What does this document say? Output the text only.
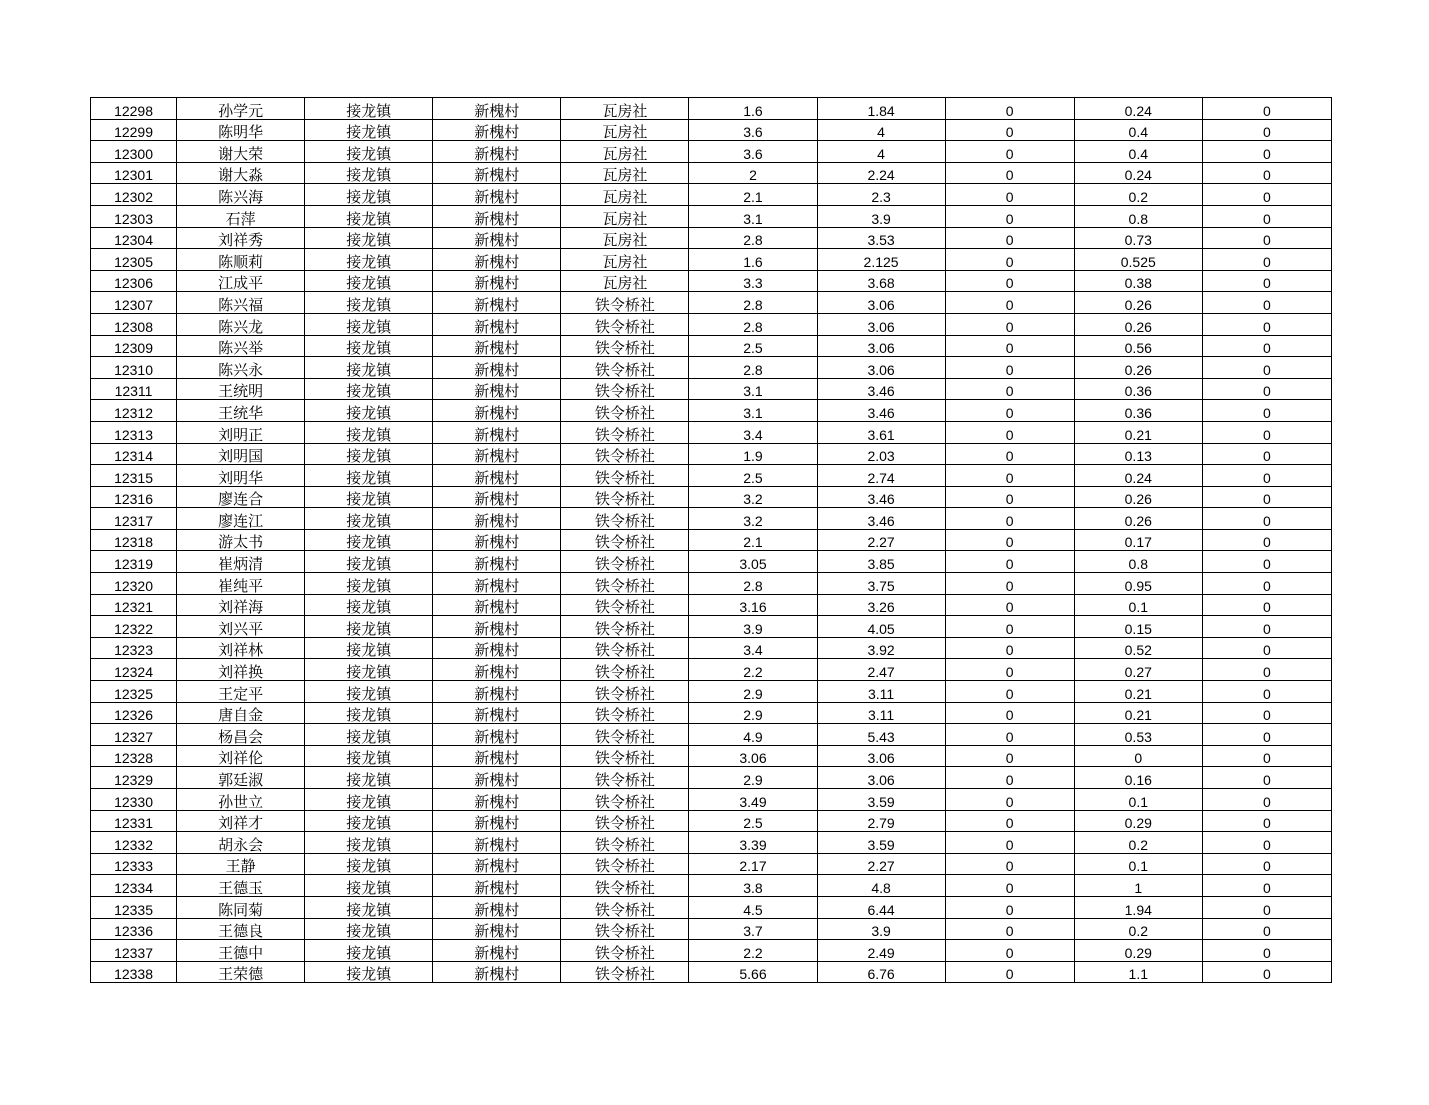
12298	孙学元	接龙镇	新槐村	瓦房社	1.6	1.84	0	0.24	0
12299	陈明华	接龙镇	新槐村	瓦房社	3.6	4	0	0.4	0
12300	谢大荣	接龙镇	新槐村	瓦房社	3.6	4	0	0.4	0
12301	谢大淼	接龙镇	新槐村	瓦房社	2	2.24	0	0.24	0
12302	陈兴海	接龙镇	新槐村	瓦房社	2.1	2.3	0	0.2	0
12303	石萍	接龙镇	新槐村	瓦房社	3.1	3.9	0	0.8	0
12304	刘祥秀	接龙镇	新槐村	瓦房社	2.8	3.53	0	0.73	0
12305	陈顺莉	接龙镇	新槐村	瓦房社	1.6	2.125	0	0.525	0
12306	江成平	接龙镇	新槐村	瓦房社	3.3	3.68	0	0.38	0
12307	陈兴福	接龙镇	新槐村	铁令桥社	2.8	3.06	0	0.26	0
12308	陈兴龙	接龙镇	新槐村	铁令桥社	2.8	3.06	0	0.26	0
12309	陈兴举	接龙镇	新槐村	铁令桥社	2.5	3.06	0	0.56	0
12310	陈兴永	接龙镇	新槐村	铁令桥社	2.8	3.06	0	0.26	0
12311	王统明	接龙镇	新槐村	铁令桥社	3.1	3.46	0	0.36	0
12312	王统华	接龙镇	新槐村	铁令桥社	3.1	3.46	0	0.36	0
12313	刘明正	接龙镇	新槐村	铁令桥社	3.4	3.61	0	0.21	0
12314	刘明国	接龙镇	新槐村	铁令桥社	1.9	2.03	0	0.13	0
12315	刘明华	接龙镇	新槐村	铁令桥社	2.5	2.74	0	0.24	0
12316	廖连合	接龙镇	新槐村	铁令桥社	3.2	3.46	0	0.26	0
12317	廖连江	接龙镇	新槐村	铁令桥社	3.2	3.46	0	0.26	0
12318	游太书	接龙镇	新槐村	铁令桥社	2.1	2.27	0	0.17	0
12319	崔炳清	接龙镇	新槐村	铁令桥社	3.05	3.85	0	0.8	0
12320	崔纯平	接龙镇	新槐村	铁令桥社	2.8	3.75	0	0.95	0
12321	刘祥海	接龙镇	新槐村	铁令桥社	3.16	3.26	0	0.1	0
12322	刘兴平	接龙镇	新槐村	铁令桥社	3.9	4.05	0	0.15	0
12323	刘祥林	接龙镇	新槐村	铁令桥社	3.4	3.92	0	0.52	0
12324	刘祥换	接龙镇	新槐村	铁令桥社	2.2	2.47	0	0.27	0
12325	王定平	接龙镇	新槐村	铁令桥社	2.9	3.11	0	0.21	0
12326	唐自金	接龙镇	新槐村	铁令桥社	2.9	3.11	0	0.21	0
12327	杨昌会	接龙镇	新槐村	铁令桥社	4.9	5.43	0	0.53	0
12328	刘祥伦	接龙镇	新槐村	铁令桥社	3.06	3.06	0	0	0
12329	郭廷淑	接龙镇	新槐村	铁令桥社	2.9	3.06	0	0.16	0
12330	孙世立	接龙镇	新槐村	铁令桥社	3.49	3.59	0	0.1	0
12331	刘祥才	接龙镇	新槐村	铁令桥社	2.5	2.79	0	0.29	0
12332	胡永会	接龙镇	新槐村	铁令桥社	3.39	3.59	0	0.2	0
12333	王静	接龙镇	新槐村	铁令桥社	2.17	2.27	0	0.1	0
12334	王德玉	接龙镇	新槐村	铁令桥社	3.8	4.8	0	1	0
12335	陈同菊	接龙镇	新槐村	铁令桥社	4.5	6.44	0	1.94	0
12336	王德良	接龙镇	新槐村	铁令桥社	3.7	3.9	0	0.2	0
12337	王德中	接龙镇	新槐村	铁令桥社	2.2	2.49	0	0.29	0
12338	王荣德	接龙镇	新槐村	铁令桥社	5.66	6.76	0	1.1	0
